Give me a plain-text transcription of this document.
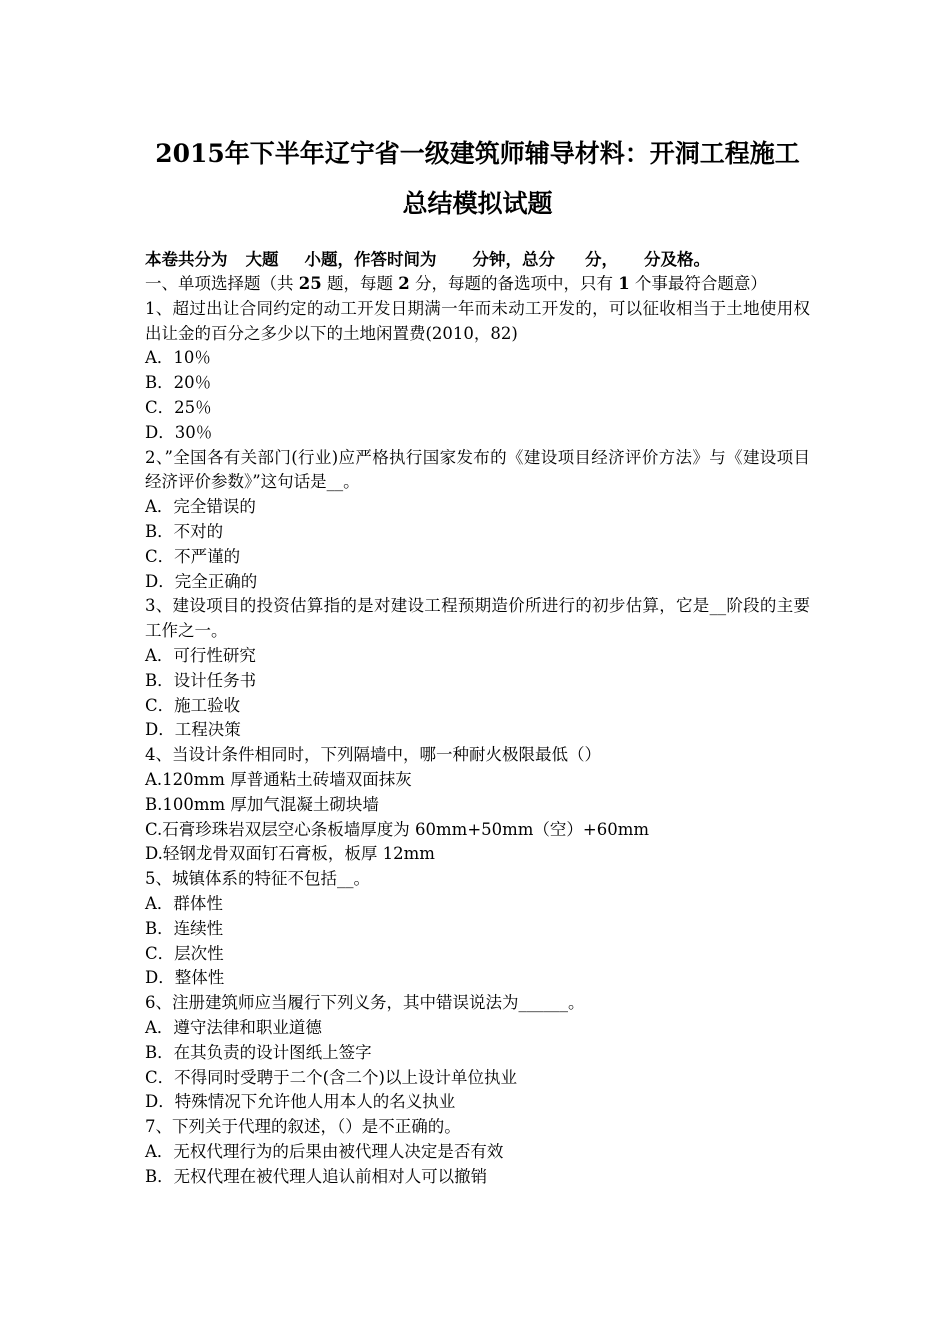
2015年下半年辽宁省一级建筑师辅导材料：开洞工程施工
总结模拟试题
本卷共分为 大题 小题，作答时间为 分钟，总分 分， 分及格。
一、单项选择题（共 25 题，每题 2 分，每题的备选项中，只有 1 个事最符合题意）
1、超过出让合同约定的动工开发日期满一年而未动工开发的，可以征收相当于土地使用权出让金的百分之多少以下的土地闲置费(2010，82)
A．10％
B．20％
C．25％
D．30％
2、”全国各有关部门(行业)应严格执行国家发布的《建设项目经济评价方法》与《建设项目经济评价参数》”这句话是__。
A．完全错误的
B．不对的
C．不严谨的
D．完全正确的
3、建设项目的投资估算指的是对建设工程预期造价所进行的初步估算，它是__阶段的主要工作之一。
A．可行性研究
B．设计任务书
C．施工验收
D．工程决策
4、当设计条件相同时，下列隔墙中，哪一种耐火极限最低（）
A.120mm 厚普通粘土砖墙双面抹灰
B.100mm 厚加气混凝土砌块墙
C.石膏珍珠岩双层空心条板墙厚度为 60mm+50mm（空）+60mm
D.轻钢龙骨双面钉石膏板，板厚 12mm
5、城镇体系的特征不包括__。
A．群体性
B．连续性
C．层次性
D．整体性
6、注册建筑师应当履行下列义务，其中错误说法为______。
A．遵守法律和职业道德
B．在其负责的设计图纸上签字
C．不得同时受聘于二个(含二个)以上设计单位执业
D．特殊情况下允许他人用本人的名义执业
7、下列关于代理的叙述，（）是不正确的。
A．无权代理行为的后果由被代理人决定是否有效
B．无权代理在被代理人追认前相对人可以撤销
